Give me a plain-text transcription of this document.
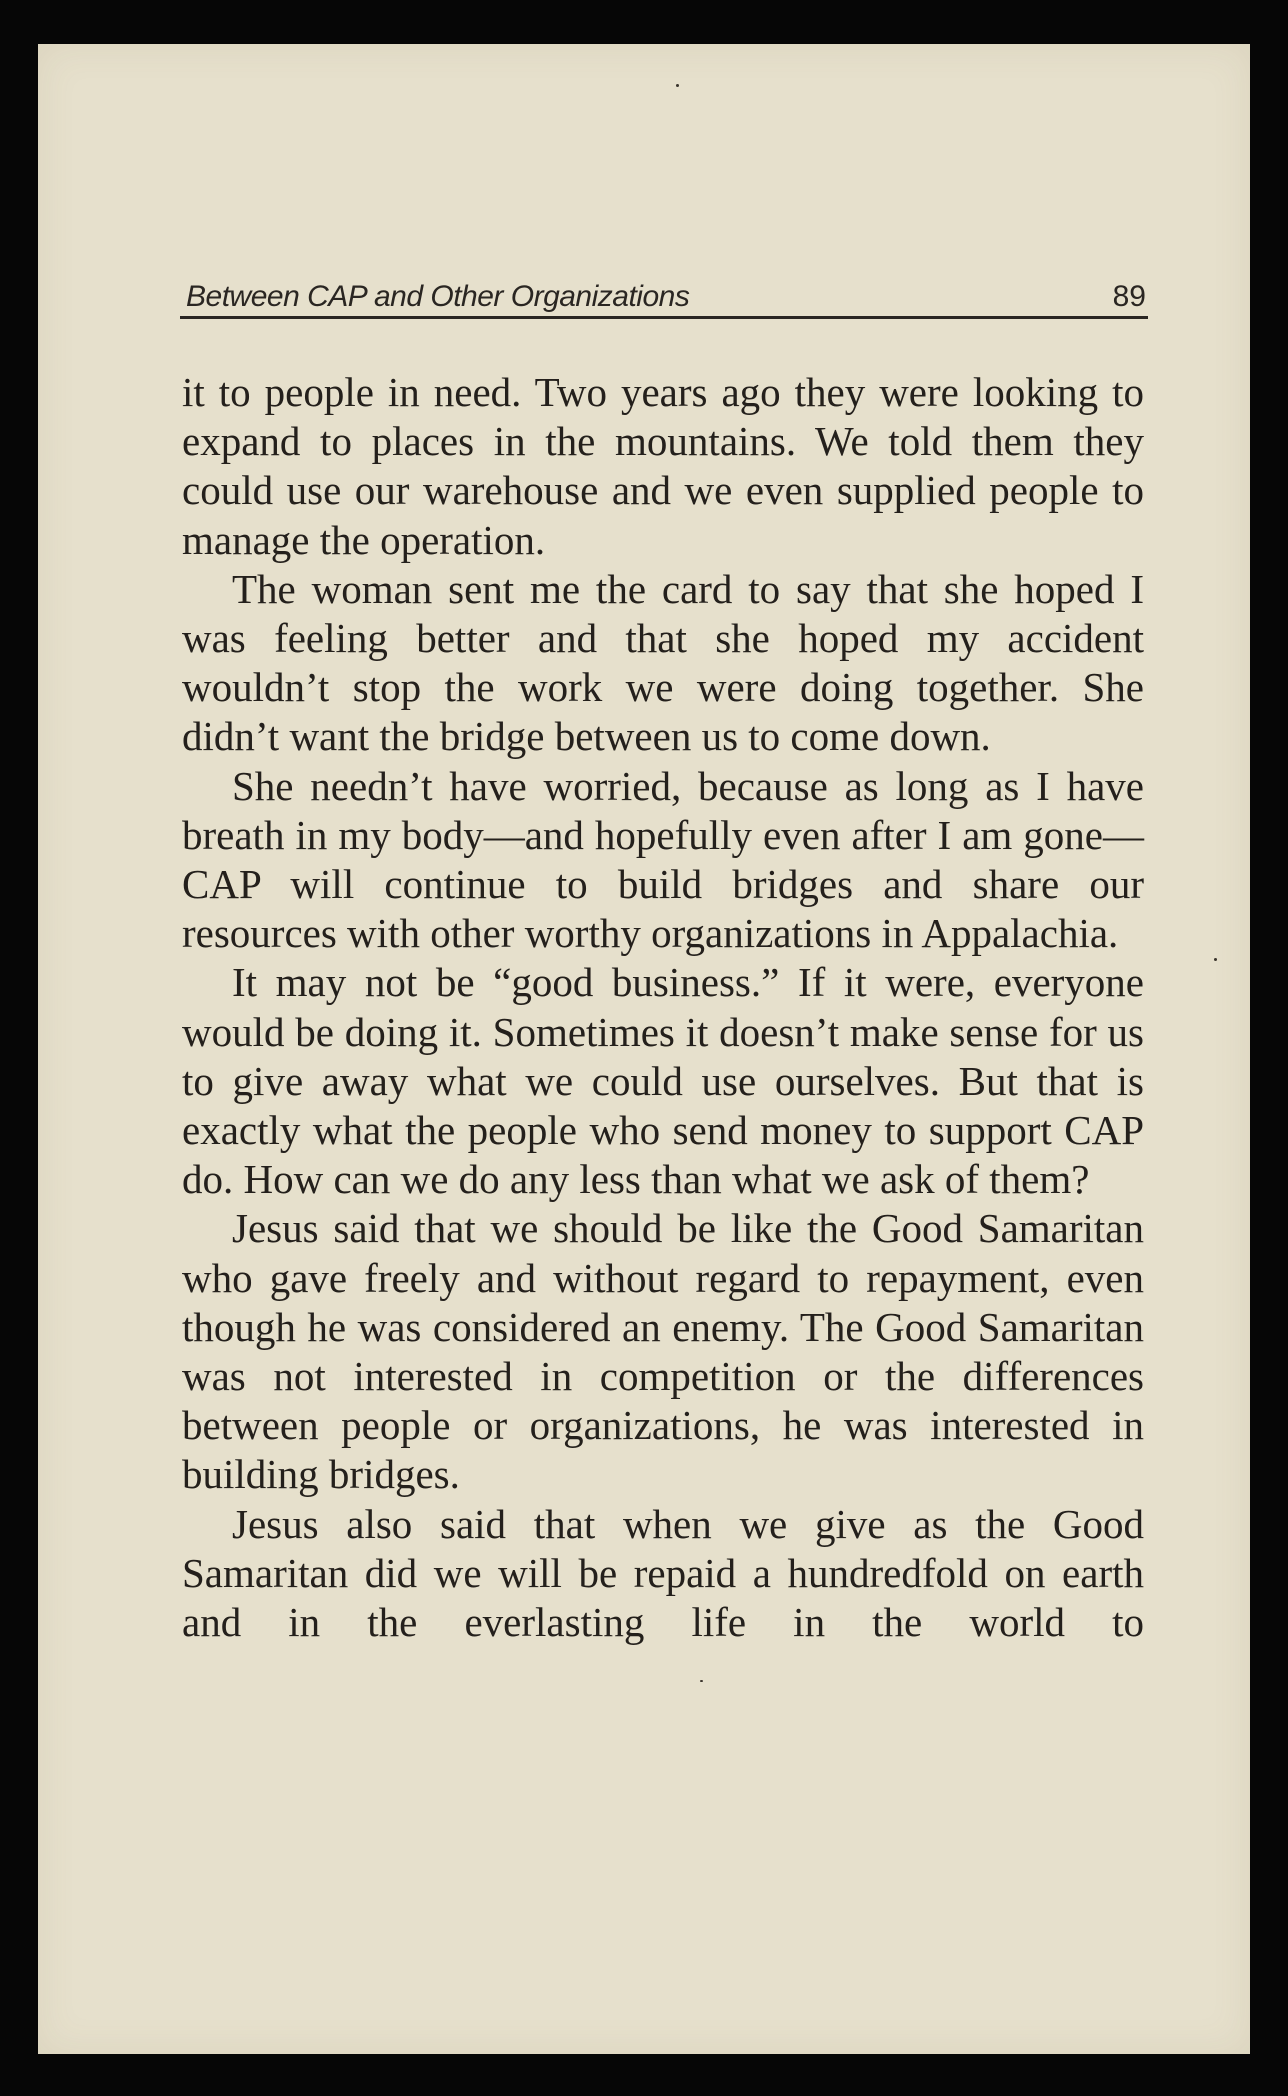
Between CAP and Other Organizations	89

it to people in need. Two years ago they were looking to expand to places in the mountains. We told them they could use our warehouse and we even supplied people to manage the operation.

The woman sent me the card to say that she hoped I was feeling better and that she hoped my accident wouldn’t stop the work we were doing together. She didn’t want the bridge between us to come down.

She needn’t have worried, because as long as I have breath in my body—and hopefully even after I am gone—CAP will continue to build bridges and share our resources with other worthy organizations in Appalachia.

It may not be “good business.” If it were, everyone would be doing it. Sometimes it doesn’t make sense for us to give away what we could use ourselves. But that is exactly what the people who send money to support CAP do. How can we do any less than what we ask of them?

Jesus said that we should be like the Good Samaritan who gave freely and without regard to repayment, even though he was considered an enemy. The Good Samaritan was not interested in competition or the differences between people or organizations, he was interested in building bridges.

Jesus also said that when we give as the Good Samaritan did we will be repaid a hundredfold on earth and in the everlasting life in the world to
